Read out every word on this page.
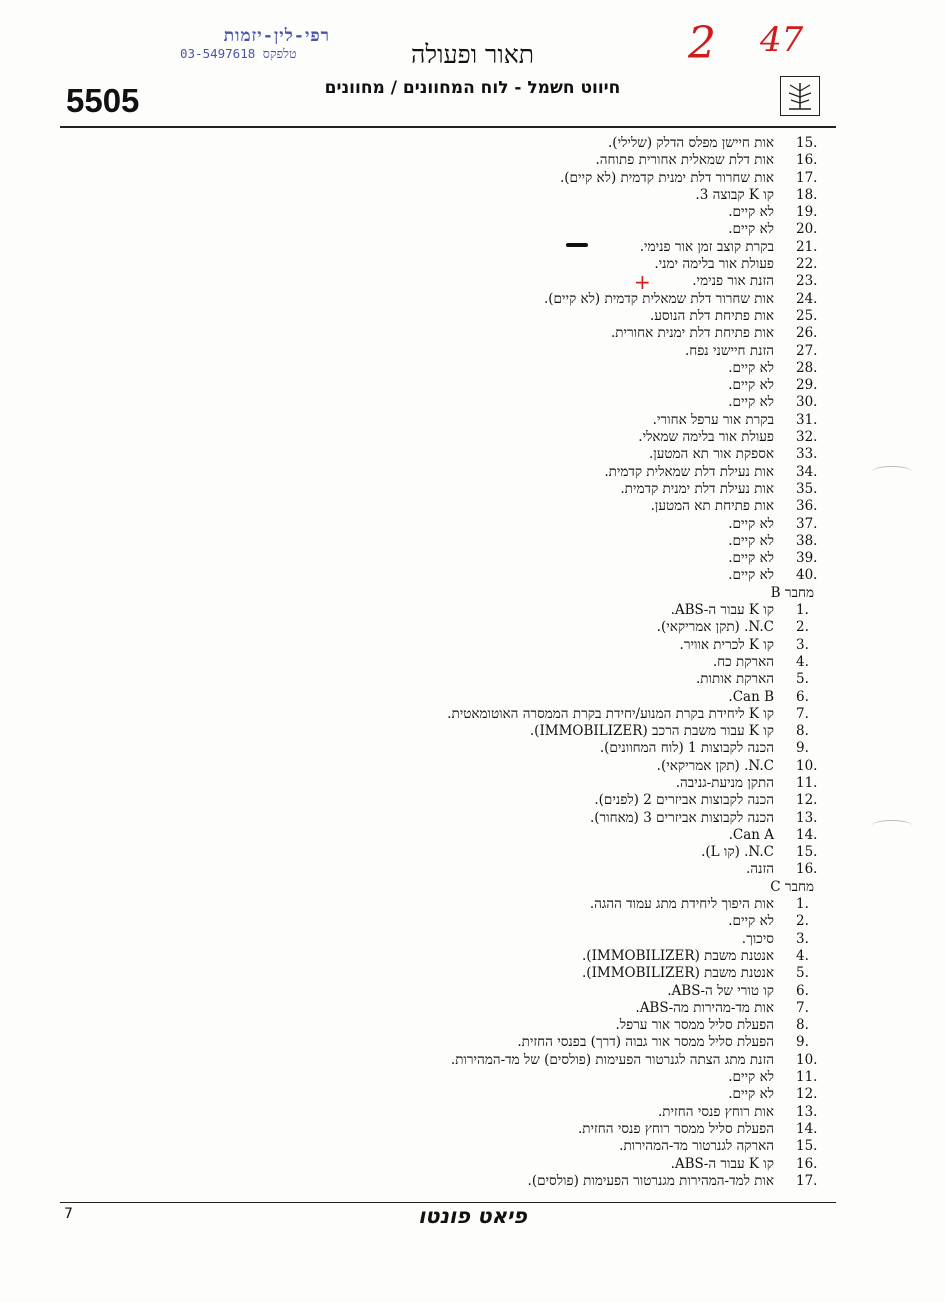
רפי-לין-יזמות
03-5497618 טלפקס	2 47
תאור ופעולה
חיווט חשמל - לוח המחוונים / מחוונים
5505
15.
אות חיישן מפלס הדלק (שלילי).
16.
אות דלת שמאלית אחורית פתוחה.
17.
אות שחרור דלת ימנית קדמית (לא קיים).
18.
קו K קבוצה 3.
19.
לא קיים.
20.
לא קיים.
21.
בקרת קוצב זמן אור פנימי.
22.
פעולת אור בלימה ימני.
23.
הזנת אור פנימי.
24.
אות שחרור דלת שמאלית קדמית (לא קיים).
25.
אות פתיחת דלת הנוסע.
26.
אות פתיחת דלת ימנית אחורית.
27.
הזנת חיישני נפח.
28.
לא קיים.
29.
לא קיים.
30.
לא קיים.
31.
בקרת אור ערפל אחורי.
32.
פעולת אור בלימה שמאלי.
33.
אספקת אור תא המטען.
34.
אות נעילת דלת שמאלית קדמית.
35.
אות נעילת דלת ימנית קדמית.
36.
אות פתיחת תא המטען.
37.
לא קיים.
38.
לא קיים.
39.
לא קיים.
40.
לא קיים.
מחבר B
1.
קו K עבור ה-ABS.
2.
N.C. (תקן אמריקאי).
3.
קו K לכרית אוויר.
4.
הארקת כח.
5.
הארקת אותות.
6.
Can B.
7.
קו K ליחידת בקרת המנוע/יחידת בקרת הממסרה האוטומאטית.
8.
קו K עבור משבת הרכב (IMMOBILIZER).
9.
הכנה לקבוצות 1 (לוח המחוונים).
10.
N.C. (תקן אמריקאי).
11.
התקן מניעת-גניבה.
12.
הכנה לקבוצות אביזרים 2 (לפנים).
13.
הכנה לקבוצות אביזרים 3 (מאחור).
14.
Can A.
15.
N.C. (קו L).
16.
הזנה.
מחבר C
1.
אות היפוך ליחידת מתג עמוד ההגה.
2.
לא קיים.
3.
סיכוך.
4.
אנטנת משבת (IMMOBILIZER).
5.
אנטנת משבת (IMMOBILIZER).
6.
קו טורי של ה-ABS.
7.
אות מד-מהירות מה-ABS.
8.
הפעלת סליל ממסר אור ערפל.
9.
הפעלת סליל ממסר אור גבוה (דרך) בפנסי החזית.
10.
הזנת מתג הצתה לגנרטור הפעימות (פולסים) של מד-המהירות.
11.
לא קיים.
12.
לא קיים.
13.
אות רוחץ פנסי החזית.
14.
הפעלת סליל ממסר רוחץ פנסי החזית.
15.
הארקה לגנרטור מד-המהירות.
16.
קו K עבור ה-ABS.
17.
אות למד-המהירות מגנרטור הפעימות (פולסים).
+
7	פיאט פונטו
